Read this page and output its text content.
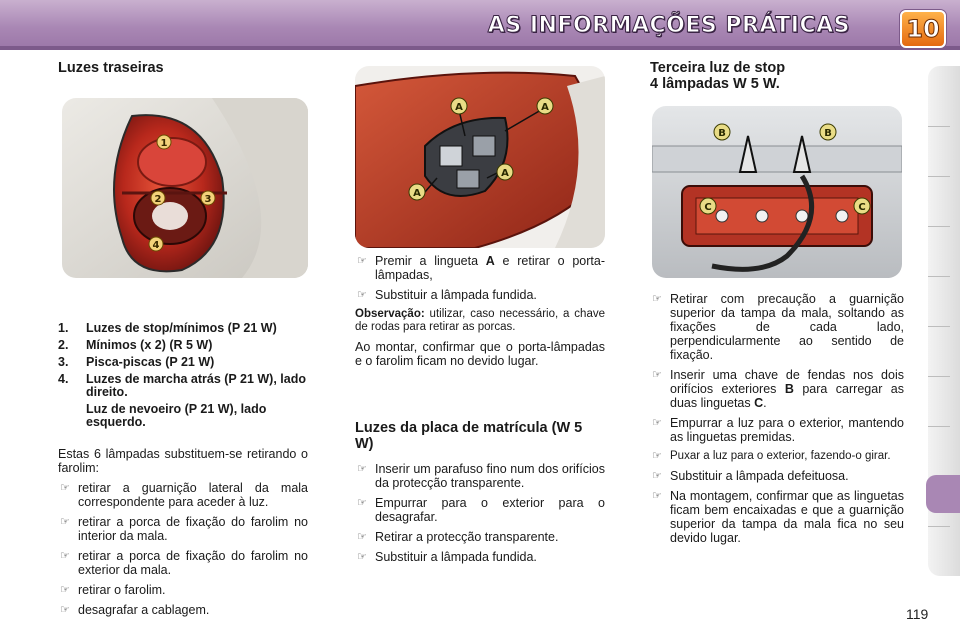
AS INFORMAÇÕES PRÁTICAS 10
Luzes traseiras
1
2	3
4
1. Luzes de stop/mínimos (P 21 W)
2. Mínimos (x 2) (R 5 W)
3. Pisca-piscas (P 21 W)
4. Luzes de marcha atrás (P 21 W), lado direito.
Luz de nevoeiro (P 21 W), lado esquerdo.

Estas 6 lâmpadas substituem-se retirando o farolim:

☞ retirar a guarnição lateral da mala correspondente para aceder à luz.
☞ retirar a porca de fixação do farolim no interior da mala.
☞ retirar a porca de fixação do farolim no exterior da mala.
☞ retirar o farolim.
☞ desagrafar a cablagem.
A	A
A
A
☞ Premir a lingueta A e retirar o porta-lâmpadas,
☞ Substituir a lâmpada fundida.

Observação: utilizar, caso necessário, a chave de rodas para retirar as porcas.

Ao montar, confirmar que o porta-lâmpadas e o farolim ficam no devido lugar.

Luzes da placa de matrícula (W 5 W)
☞ Inserir um parafuso fino num dos orifícios da protecção transparente.
☞ Empurrar para o exterior para o desagrafar.
☞ Retirar a protecção transparente.
☞ Substituir a lâmpada fundida.
Terceira luz de stop
4 lâmpadas W 5 W.
B	B
C	C
☞ Retirar com precaução a guarnição superior da tampa da mala, soltando as fixações de cada lado, perpendicularmente ao sentido de fixação.
☞ Inserir uma chave de fendas nos dois orifícios exteriores B para carregar as duas linguetas C.
☞ Empurrar a luz para o exterior, mantendo as linguetas premidas.
☞ Puxar a luz para o exterior, fazendo-o girar.
☞ Substituir a lâmpada defeituosa.
☞ Na montagem, confirmar que as linguetas ficam bem encaixadas e que a guarnição superior da tampa da mala fica no seu devido lugar.
119
